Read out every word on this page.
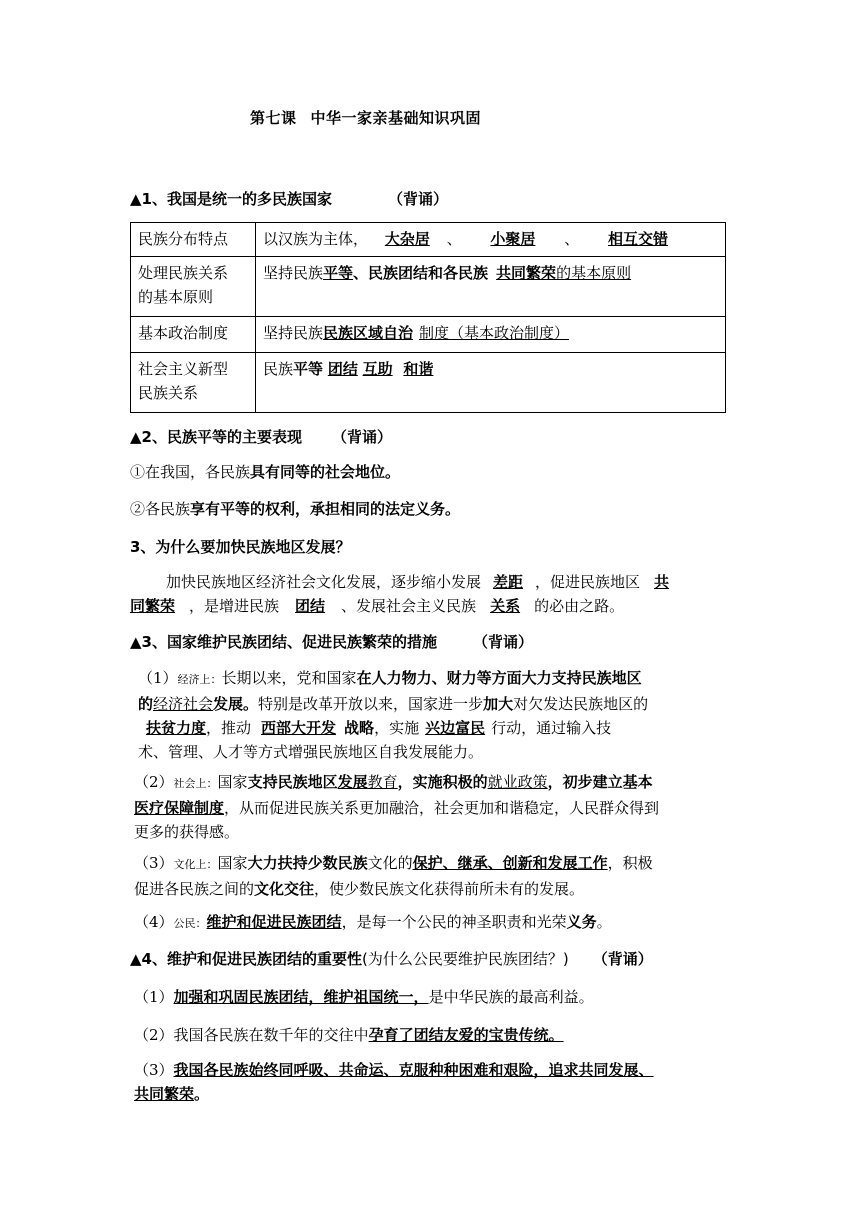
第七课 中华一家亲基础知识巩固
▲1、我国是统一的多民族国家	（背诵）
民族分布特点	以汉族为主体， 大杂居 、 小聚居 、 相互交错
处理民族关系
的基本原则	坚持民族平等、民族团结和各民族 共同繁荣的基本原则
基本政治制度	坚持民族民族区域自治 制度（基本政治制度）
社会主义新型
民族关系	民族平等 团结 互助 和谐
▲2、民族平等的主要表现 （背诵）
①在我国，各民族具有同等的社会地位。
②各民族享有平等的权利，承担相同的法定义务。
3、为什么要加快民族地区发展？
加快民族地区经济社会文化发展，逐步缩小发展 差距 ，促进民族地区 共
同繁荣 ，是增进民族 团结 、发展社会主义民族 关系 的必由之路。
▲3、国家维护民族团结、促进民族繁荣的措施 （背诵）
（1）经济上：长期以来，党和国家在人力物力、财力等方面大力支持民族地区
的经济社会发展。特别是改革开放以来，国家进一步加大对欠发达民族地区的
扶贫力度，推动 西部大开发 战略，实施 兴边富民 行动，通过输入技
术、管理、人才等方式增强民族地区自我发展能力。
（2）社会上：国家支持民族地区发展教育，实施积极的就业政策，初步建立基本
医疗保障制度，从而促进民族关系更加融洽，社会更加和谐稳定，人民群众得到
更多的获得感。
（3）文化上：国家大力扶持少数民族文化的保护、继承、创新和发展工作，积极
促进各民族之间的文化交往，使少数民族文化获得前所未有的发展。
（4）公民：维护和促进民族团结，是每一个公民的神圣职责和光荣义务。
▲4、维护和促进民族团结的重要性(为什么公民要维护民族团结？) （背诵）
（1）加强和巩固民族团结，维护祖国统一，是中华民族的最高利益。
（2）我国各民族在数千年的交往中孕育了团结友爱的宝贵传统。
（3）我国各民族始终同呼吸、共命运、克服种种困难和艰险，追求共同发展、
共同繁荣。
